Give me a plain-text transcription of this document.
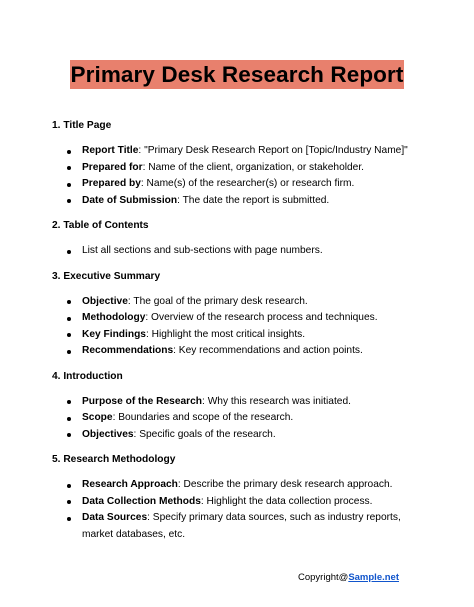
Primary Desk Research Report
1. Title Page
Report Title: "Primary Desk Research Report on [Topic/Industry Name]"
Prepared for: Name of the client, organization, or stakeholder.
Prepared by: Name(s) of the researcher(s) or research firm.
Date of Submission: The date the report is submitted.
2. Table of Contents
List all sections and sub-sections with page numbers.
3. Executive Summary
Objective: The goal of the primary desk research.
Methodology: Overview of the research process and techniques.
Key Findings: Highlight the most critical insights.
Recommendations: Key recommendations and action points.
4. Introduction
Purpose of the Research: Why this research was initiated.
Scope: Boundaries and scope of the research.
Objectives: Specific goals of the research.
5. Research Methodology
Research Approach: Describe the primary desk research approach.
Data Collection Methods: Highlight the data collection process.
Data Sources: Specify primary data sources, such as industry reports, market databases, etc.
Copyright@Sample.net
